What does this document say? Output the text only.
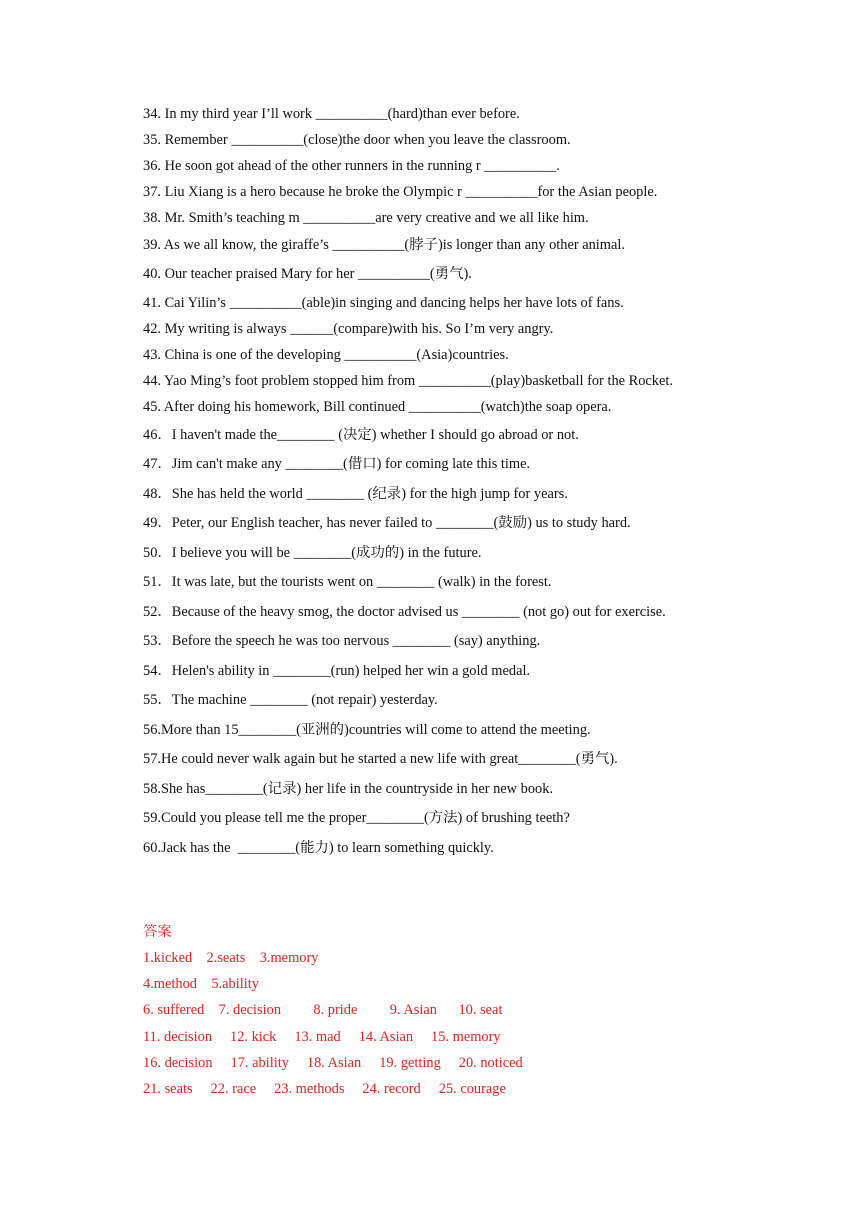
34. In my third year I’ll work __________(hard)than ever before.
35. Remember __________(close)the door when you leave the classroom.
36. He soon got ahead of the other runners in the running r __________.
37. Liu Xiang is a hero because he broke the Olympic r __________for the Asian people.
38. Mr. Smith’s teaching m __________are very creative and we all like him.
39. As we all know, the giraffe’s __________(脖子)is longer than any other animal.
40. Our teacher praised Mary for her __________(勇气).
41. Cai Yilin’s __________(able)in singing and dancing helps her have lots of fans.
42. My writing is always ______(compare)with his. So I’m very angry.
43. China is one of the developing __________(Asia)countries.
44. Yao Ming’s foot problem stopped him from __________(play)basketball for the Rocket.
45. After doing his homework, Bill continued __________(watch)the soap opera.
46．I haven't made the________ (决定) whether I should go abroad or not.
47．Jim can't make any ________(借口) for coming late this time.
48．She has held the world ________ (纪录) for the high jump for years.
49．Peter, our English teacher, has never failed to ________(鼓励) us to study hard.
50．I believe you will be ________(成功的) in the future.
51．It was late, but the tourists went on ________ (walk) in the forest.
52．Because of the heavy smog, the doctor advised us ________ (not go) out for exercise.
53．Before the speech he was too nervous ________ (say) anything.
54．Helen's ability in ________(run) helped her win a gold medal.
55．The machine ________ (not repair) yesterday.
56.More than 15________(亚洲的)countries will come to attend the meeting.
57.He could never walk again but he started a new life with great________(勇气).
58.She has________(记录) her life in the countryside in her new book.
59.Could you please tell me the proper________(方法) of brushing teeth?
60.Jack has the  ________(能力) to learn something quickly.
答案
1.kicked    2.seats    3.memory
4.method    5.ability
6. suffered    7. decision         8. pride         9. Asian      10. seat
11. decision     12. kick     13. mad     14. Asian     15. memory
16. decision     17. ability     18. Asian     19. getting     20. noticed
21. seats     22. race     23. methods     24. record     25. courage
